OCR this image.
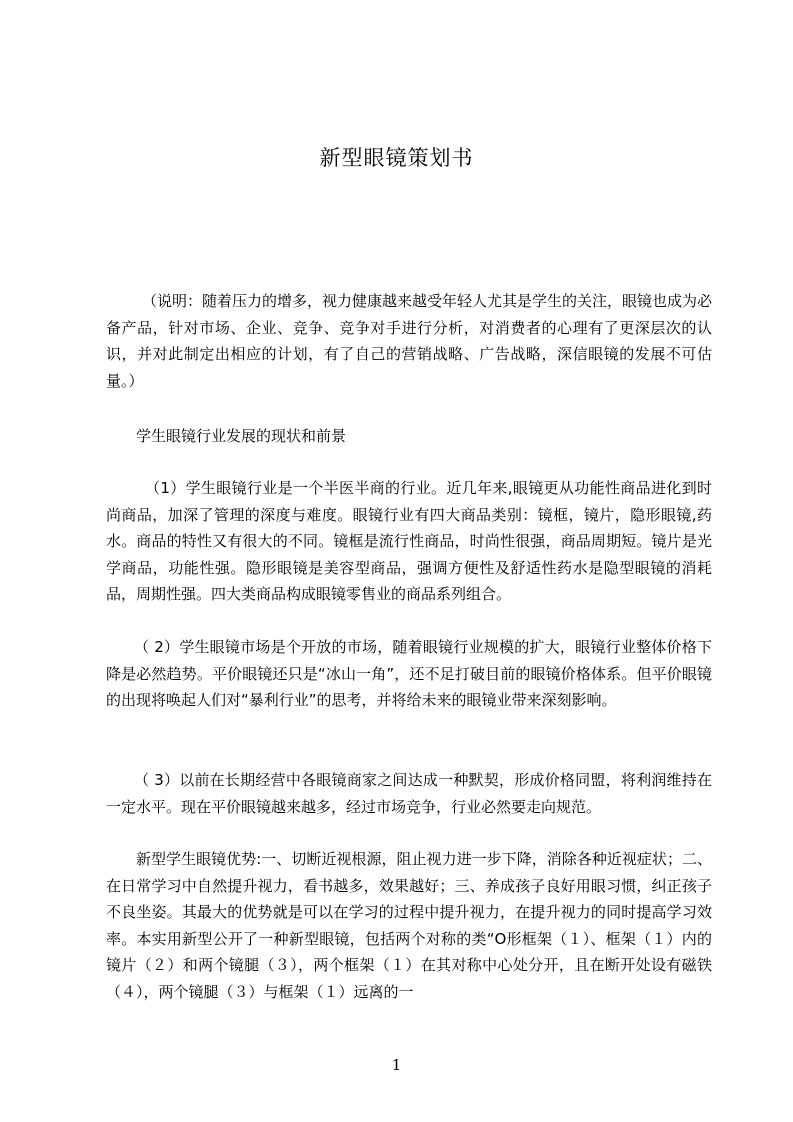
新型眼镜策划书
（说明：随着压力的增多，视力健康越来越受年轻人尤其是学生的关注，眼镜也成为必备产品，针对市场、企业、竞争、竞争对手进行分析，对消费者的心理有了更深层次的认识，并对此制定出相应的计划，有了自己的营销战略、广告战略，深信眼镜的发展不可估量。）
学生眼镜行业发展的现状和前景
（1）学生眼镜行业是一个半医半商的行业。近几年来,眼镜更从功能性商品进化到时尚商品，加深了管理的深度与难度。眼镜行业有四大商品类别：镜框，镜片，隐形眼镜,药水。商品的特性又有很大的不同。镜框是流行性商品，时尚性很强，商品周期短。镜片是光学商品，功能性强。隐形眼镜是美容型商品，强调方便性及舒适性药水是隐型眼镜的消耗品，周期性强。四大类商品构成眼镜零售业的商品系列组合。
（ 2）学生眼镜市场是个开放的市场，随着眼镜行业规模的扩大，眼镜行业整体价格下降是必然趋势。平价眼镜还只是“冰山一角”，还不足打破目前的眼镜价格体系。但平价眼镜的出现将唤起人们对“暴利行业”的思考，并将给未来的眼镜业带来深刻影响。
（ 3）以前在长期经营中各眼镜商家之间达成一种默契，形成价格同盟，将利润维持在一定水平。现在平价眼镜越来越多，经过市场竞争，行业必然要走向规范。
新型学生眼镜优势:一、切断近视根源，阻止视力进一步下降，消除各种近视症状；二、在日常学习中自然提升视力，看书越多，效果越好；三、养成孩子良好用眼习惯，纠正孩子不良坐姿。其最大的优势就是可以在学习的过程中提升视力，在提升视力的同时提高学习效率。本实用新型公开了一种新型眼镜，包括两个对称的类“O形框架（１）、框架（１）内的镜片（２）和两个镜腿（３），两个框架（１）在其对称中心处分开，且在断开处设有磁铁（４），两个镜腿（３）与框架（１）远离的一
1
